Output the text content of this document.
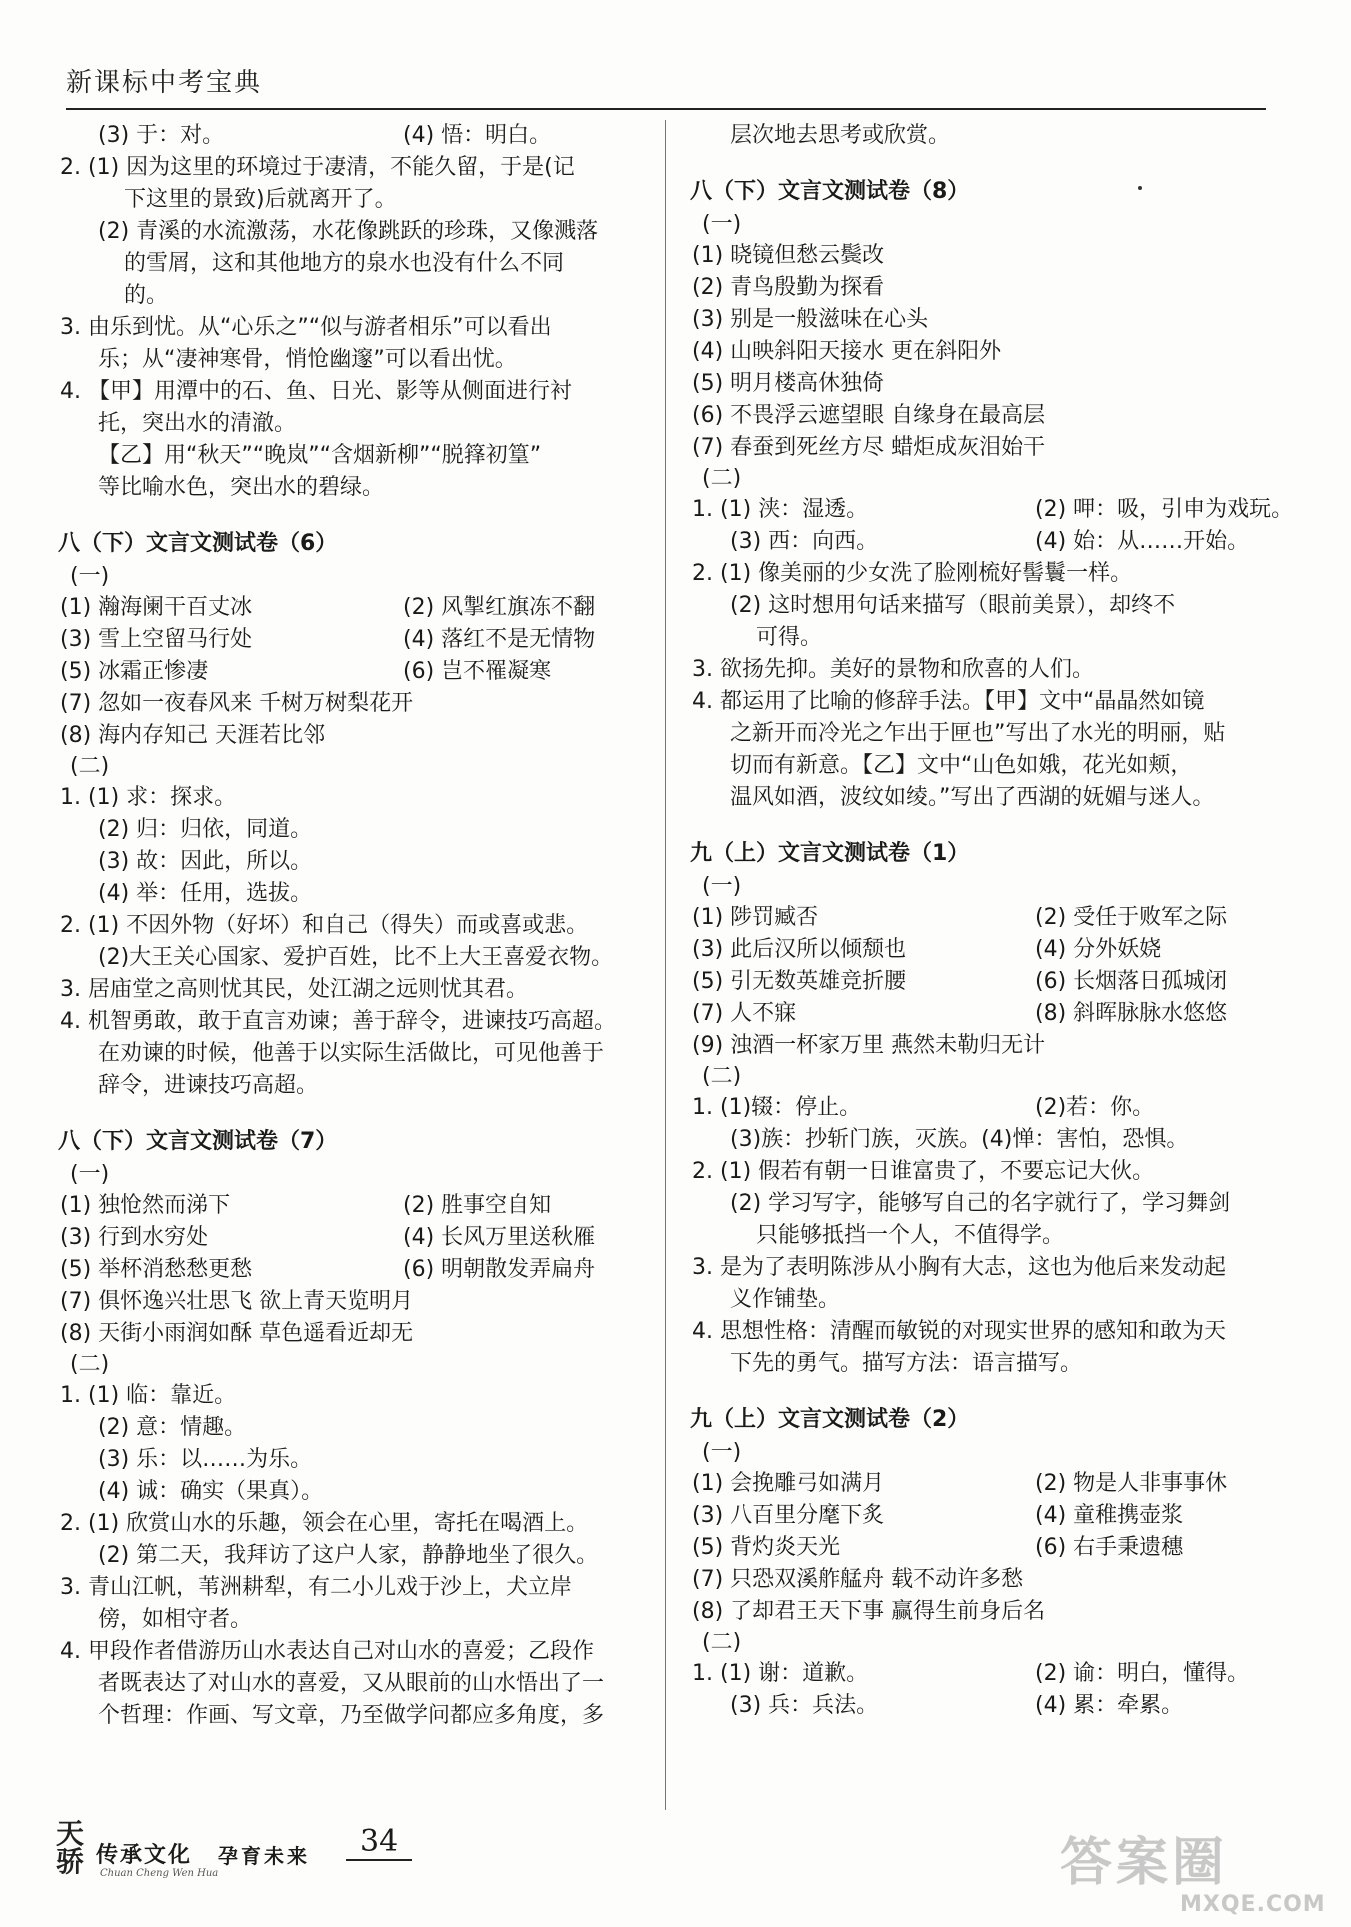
新课标中考宝典
(3) 于：对。	(4) 悟：明白。
2. (1) 因为这里的环境过于凄清，不能久留，于是(记
下这里的景致)后就离开了。
(2) 青溪的水流激荡，水花像跳跃的珍珠，又像溅落
的雪屑，这和其他地方的泉水也没有什么不同
的。
3. 由乐到忧。从“心乐之”“似与游者相乐”可以看出
乐；从“凄神寒骨，悄怆幽邃”可以看出忧。
4. 【甲】用潭中的石、鱼、日光、影等从侧面进行衬
托，突出水的清澈。
【乙】用“秋天”“晚岚”“含烟新柳”“脱箨初篁”
等比喻水色，突出水的碧绿。
八（下）文言文测试卷（6）
(一)
(1) 瀚海阑干百丈冰	(2) 风掣红旗冻不翻
(3) 雪上空留马行处	(4) 落红不是无情物
(5) 冰霜正惨凄	(6) 岂不罹凝寒
(7) 忽如一夜春风来 千树万树梨花开
(8) 海内存知己 天涯若比邻
(二)
1. (1) 求：探求。
(2) 归：归依，同道。
(3) 故：因此，所以。
(4) 举：任用，选拔。
2. (1) 不因外物（好坏）和自己（得失）而或喜或悲。
(2)大王关心国家、爱护百姓，比不上大王喜爱衣物。
3. 居庙堂之高则忧其民，处江湖之远则忧其君。
4. 机智勇敢，敢于直言劝谏；善于辞令，进谏技巧高超。
在劝谏的时候，他善于以实际生活做比，可见他善于
辞令，进谏技巧高超。
八（下）文言文测试卷（7）
(一)
(1) 独怆然而涕下	(2) 胜事空自知
(3) 行到水穷处	(4) 长风万里送秋雁
(5) 举杯消愁愁更愁	(6) 明朝散发弄扁舟
(7) 俱怀逸兴壮思飞 欲上青天览明月
(8) 天街小雨润如酥 草色遥看近却无
(二)
1. (1) 临：靠近。
(2) 意：情趣。
(3) 乐：以……为乐。
(4) 诚：确实（果真）。
2. (1) 欣赏山水的乐趣，领会在心里，寄托在喝酒上。
(2) 第二天，我拜访了这户人家，静静地坐了很久。
3. 青山江帆，苇洲耕犁，有二小儿戏于沙上，犬立岸
傍，如相守者。
4. 甲段作者借游历山水表达自己对山水的喜爱；乙段作
者既表达了对山水的喜爱，又从眼前的山水悟出了一
个哲理：作画、写文章，乃至做学问都应多角度，多
层次地去思考或欣赏。
八（下）文言文测试卷（8）
(一)
(1) 晓镜但愁云鬓改
(2) 青鸟殷勤为探看
(3) 别是一般滋味在心头
(4) 山映斜阳天接水 更在斜阳外
(5) 明月楼高休独倚
(6) 不畏浮云遮望眼 自缘身在最高层
(7) 春蚕到死丝方尽 蜡炬成灰泪始干
(二)
1. (1) 浃：湿透。	(2) 呷：吸，引申为戏玩。
(3) 西：向西。	(4) 始：从……开始。
2. (1) 像美丽的少女洗了脸刚梳好髻鬟一样。
(2) 这时想用句话来描写（眼前美景），却终不
可得。
3. 欲扬先抑。美好的景物和欣喜的人们。
4. 都运用了比喻的修辞手法。【甲】文中“晶晶然如镜
之新开而冷光之乍出于匣也”写出了水光的明丽，贴
切而有新意。【乙】文中“山色如娥，花光如颊，
温风如酒，波纹如绫。”写出了西湖的妩媚与迷人。
九（上）文言文测试卷（1）
(一)
(1) 陟罚臧否	(2) 受任于败军之际
(3) 此后汉所以倾颓也	(4) 分外妖娆
(5) 引无数英雄竞折腰	(6) 长烟落日孤城闭
(7) 人不寐	(8) 斜晖脉脉水悠悠
(9) 浊酒一杯家万里 燕然未勒归无计
(二)
1. (1)辍：停止。	(2)若：你。
(3)族：抄斩门族，灭族。(4)惮：害怕，恐惧。
2. (1) 假若有朝一日谁富贵了，不要忘记大伙。
(2) 学习写字，能够写自己的名字就行了，学习舞剑
只能够抵挡一个人，不值得学。
3. 是为了表明陈涉从小胸有大志，这也为他后来发动起
义作铺垫。
4. 思想性格：清醒而敏锐的对现实世界的感知和敢为天
下先的勇气。描写方法：语言描写。
九（上）文言文测试卷（2）
(一)
(1) 会挽雕弓如满月	(2) 物是人非事事休
(3) 八百里分麾下炙	(4) 童稚携壶浆
(5) 背灼炎天光	(6) 右手秉遗穗
(7) 只恐双溪舴艋舟 载不动许多愁
(8) 了却君王天下事 赢得生前身后名
(二)
1. (1) 谢：道歉。	(2) 谕：明白，懂得。
(3) 兵：兵法。	(4) 累：牵累。
天骄 传承文化 孕育未来
Chuan Cheng Wen Hua
34	答案圈
MXQE.COM
